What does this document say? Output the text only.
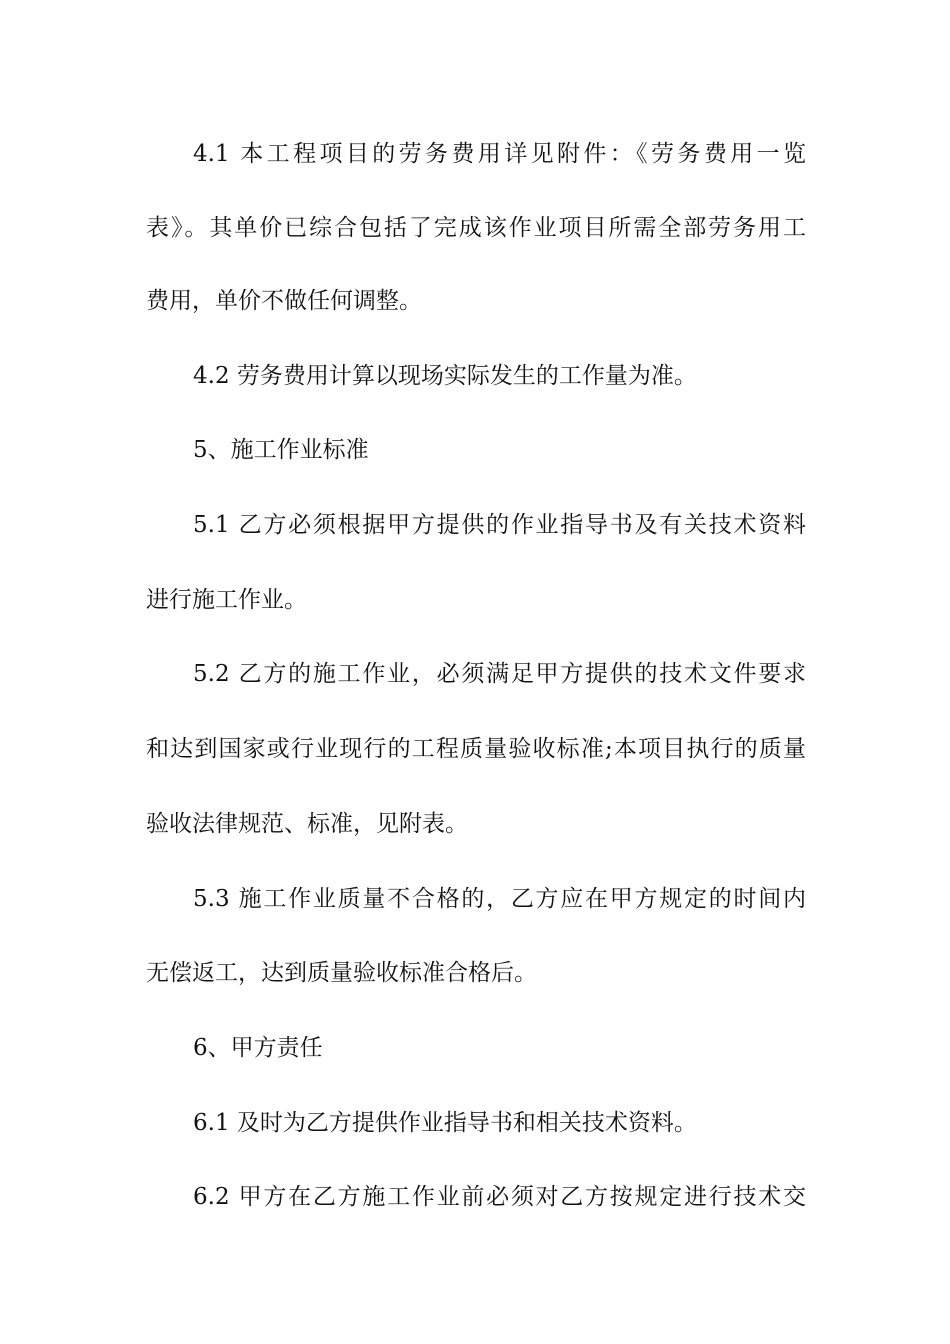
4.1 本工程项目的劳务费用详见附件：《劳务费用一览
表》。其单价已综合包括了完成该作业项目所需全部劳务用工
费用，单价不做任何调整。
4.2 劳务费用计算以现场实际发生的工作量为准。
5、施工作业标准
5.1 乙方必须根据甲方提供的作业指导书及有关技术资料
进行施工作业。
5.2 乙方的施工作业，必须满足甲方提供的技术文件要求
和达到国家或行业现行的工程质量验收标准;本项目执行的质量
验收法律规范、标准，见附表。
5.3 施工作业质量不合格的，乙方应在甲方规定的时间内
无偿返工，达到质量验收标准合格后。
6、甲方责任
6.1 及时为乙方提供作业指导书和相关技术资料。
6.2 甲方在乙方施工作业前必须对乙方按规定进行技术交
